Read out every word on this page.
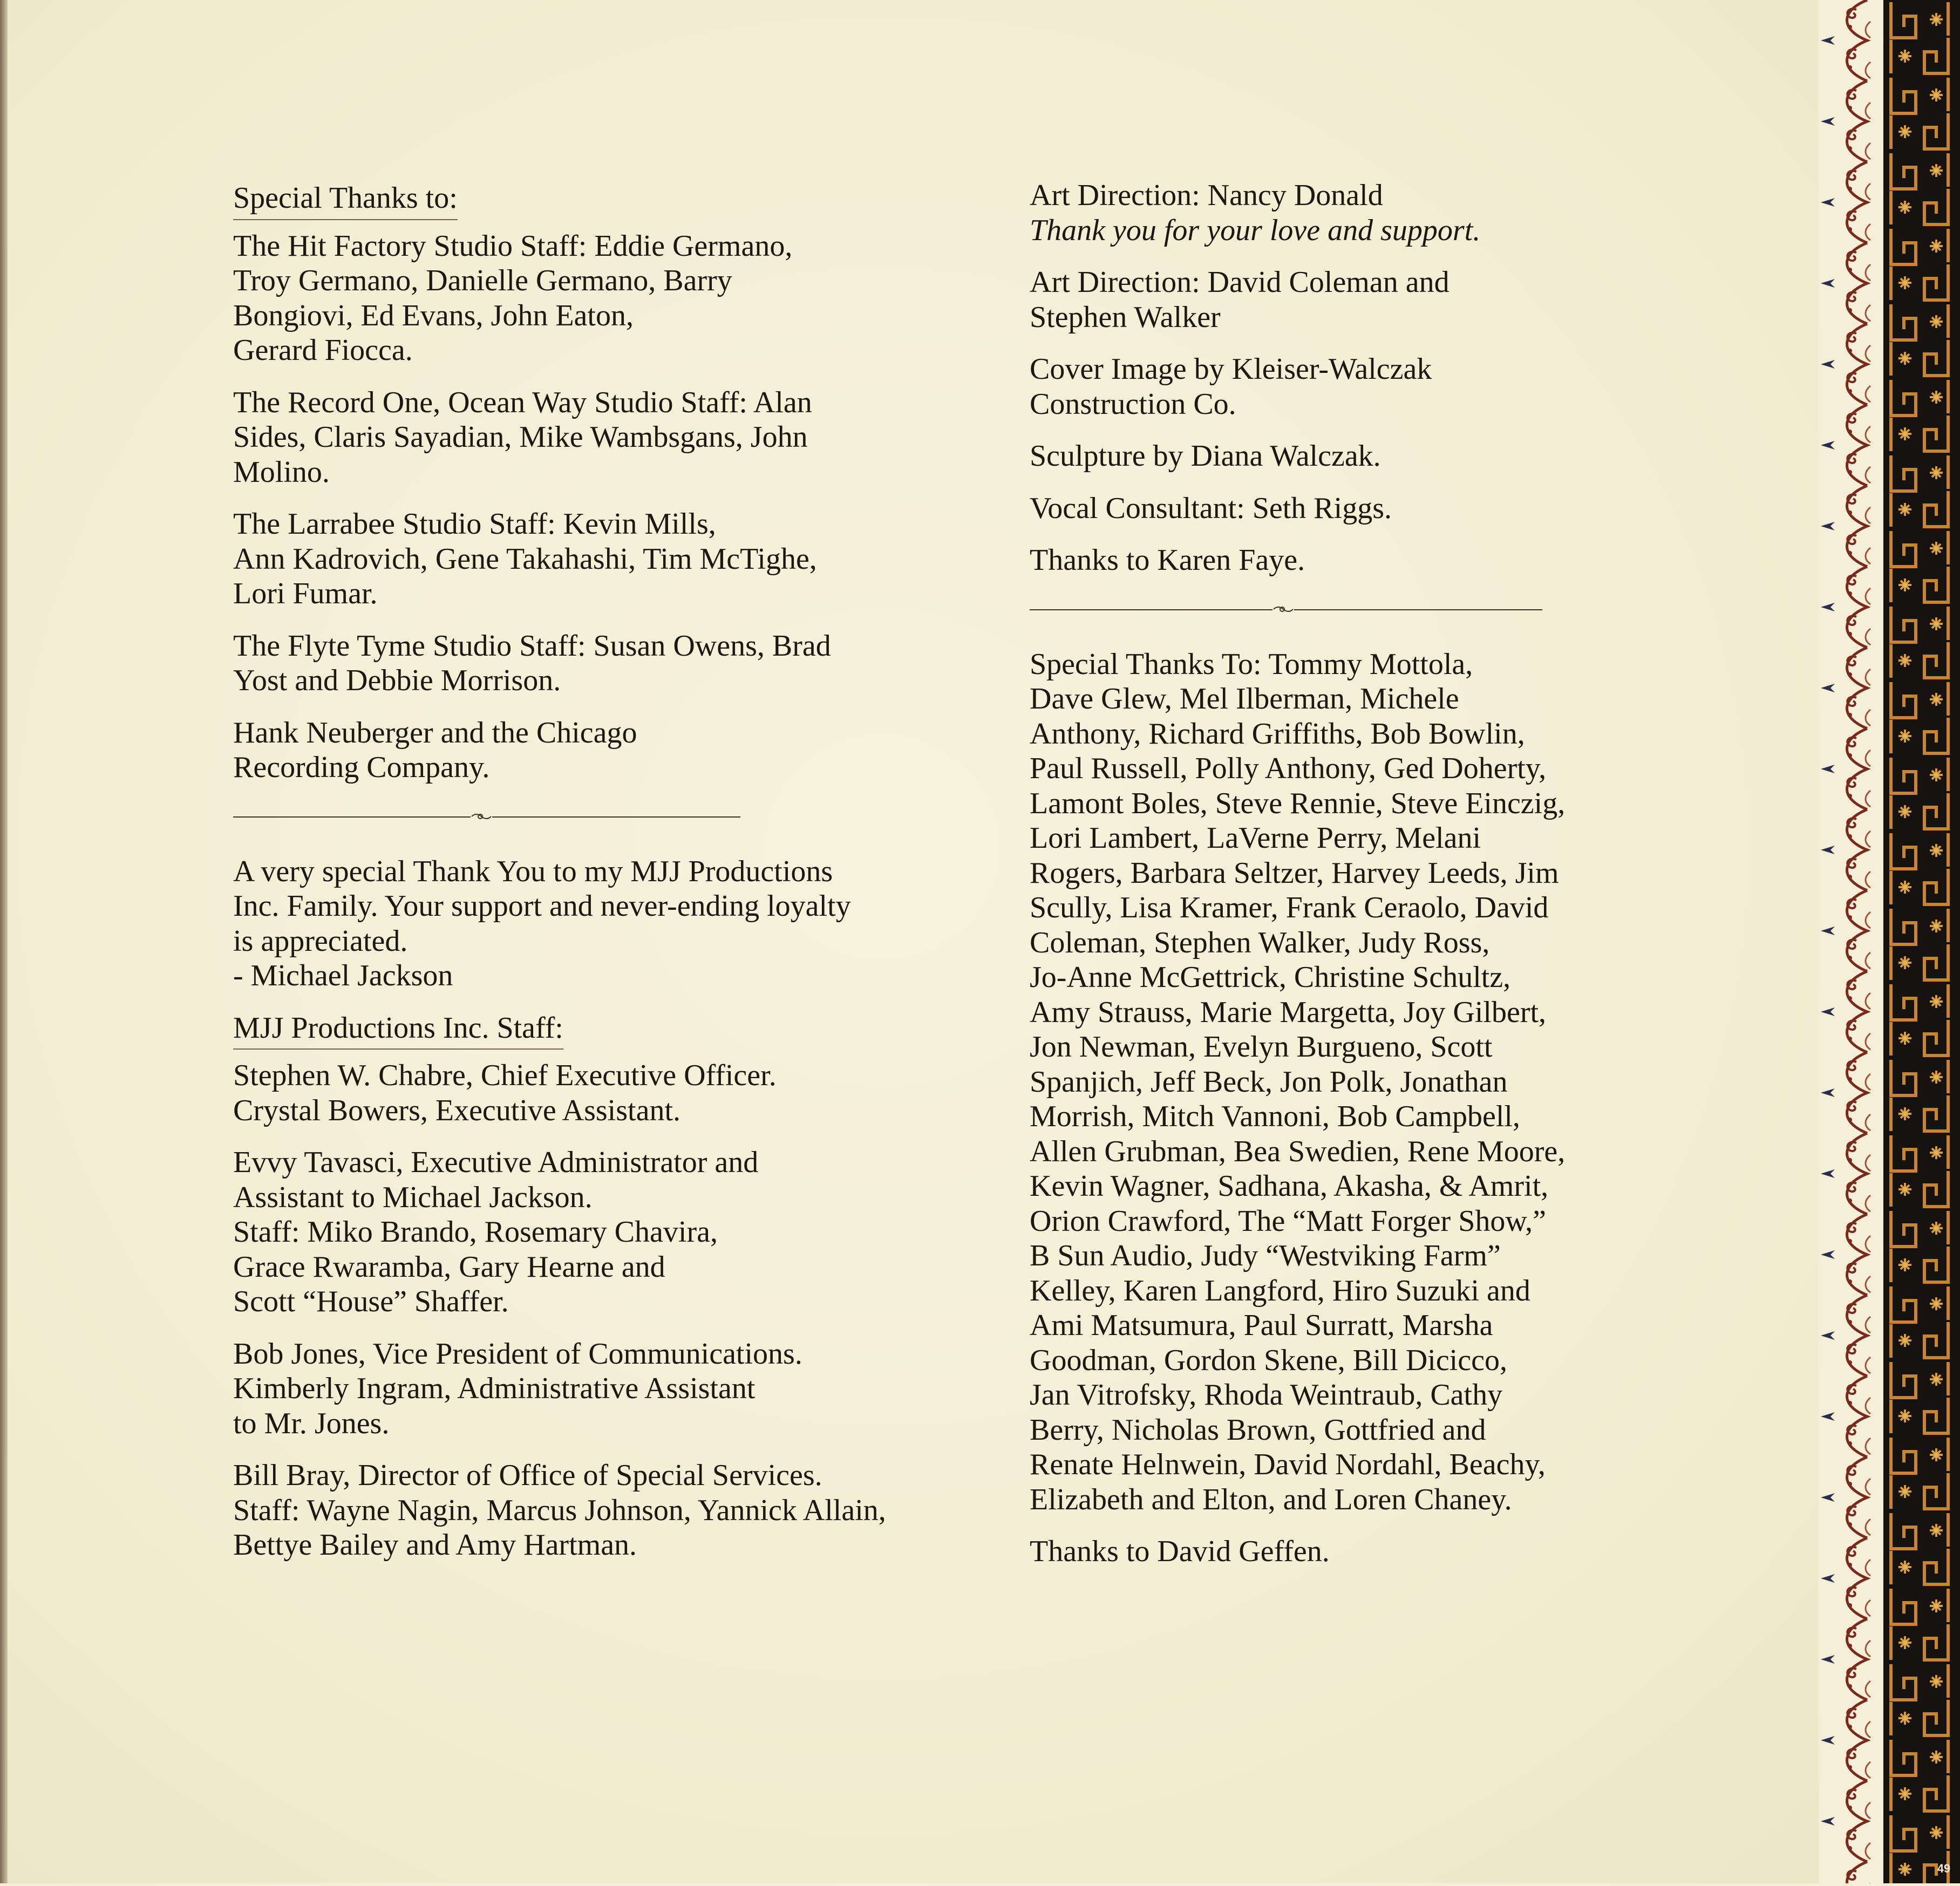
Special Thanks to:

The Hit Factory Studio Staff: Eddie Germano,
Troy Germano, Danielle Germano, Barry
Bongiovi, Ed Evans, John Eaton,
Gerard Fiocca.

The Record One, Ocean Way Studio Staff: Alan
Sides, Claris Sayadian, Mike Wambsgans, John
Molino.

The Larrabee Studio Staff: Kevin Mills,
Ann Kadrovich, Gene Takahashi, Tim McTighe,
Lori Fumar.

The Flyte Tyme Studio Staff: Susan Owens, Brad
Yost and Debbie Morrison.

Hank Neuberger and the Chicago
Recording Company.

A very special Thank You to my MJJ Productions
Inc. Family. Your support and never-ending loyalty
is appreciated.
- Michael Jackson

MJJ Productions Inc. Staff:

Stephen W. Chabre, Chief Executive Officer.
Crystal Bowers, Executive Assistant.

Evvy Tavasci, Executive Administrator and
Assistant to Michael Jackson.
Staff: Miko Brando, Rosemary Chavira,
Grace Rwaramba, Gary Hearne and
Scott “House” Shaffer.

Bob Jones, Vice President of Communications.
Kimberly Ingram, Administrative Assistant
to Mr. Jones.

Bill Bray, Director of Office of Special Services.
Staff: Wayne Nagin, Marcus Johnson, Yannick Allain,
Bettye Bailey and Amy Hartman.

Art Direction: Nancy Donald

Thank you for your love and support.

Art Direction: David Coleman and
Stephen Walker

Cover Image by Kleiser-Walczak
Construction Co.

Sculpture by Diana Walczak.

Vocal Consultant: Seth Riggs.

Thanks to Karen Faye.

Special Thanks To: Tommy Mottola,
Dave Glew, Mel Ilberman, Michele
Anthony, Richard Griffiths, Bob Bowlin,
Paul Russell, Polly Anthony, Ged Doherty,
Lamont Boles, Steve Rennie, Steve Einczig,
Lori Lambert, LaVerne Perry, Melani
Rogers, Barbara Seltzer, Harvey Leeds, Jim
Scully, Lisa Kramer, Frank Ceraolo, David
Coleman, Stephen Walker, Judy Ross,
Jo-Anne McGettrick, Christine Schultz,
Amy Strauss, Marie Margetta, Joy Gilbert,
Jon Newman, Evelyn Burgueno, Scott
Spanjich, Jeff Beck, Jon Polk, Jonathan
Morrish, Mitch Vannoni, Bob Campbell,
Allen Grubman, Bea Swedien, Rene Moore,
Kevin Wagner, Sadhana, Akasha, & Amrit,
Orion Crawford, The “Matt Forger Show,”
B Sun Audio, Judy “Westviking Farm”
Kelley, Karen Langford, Hiro Suzuki and
Ami Matsumura, Paul Surratt, Marsha
Goodman, Gordon Skene, Bill Dicicco,
Jan Vitrofsky, Rhoda Weintraub, Cathy
Berry, Nicholas Brown, Gottfried and
Renate Helnwein, David Nordahl, Beachy,
Elizabeth and Elton, and Loren Chaney.

Thanks to David Geffen.

49
